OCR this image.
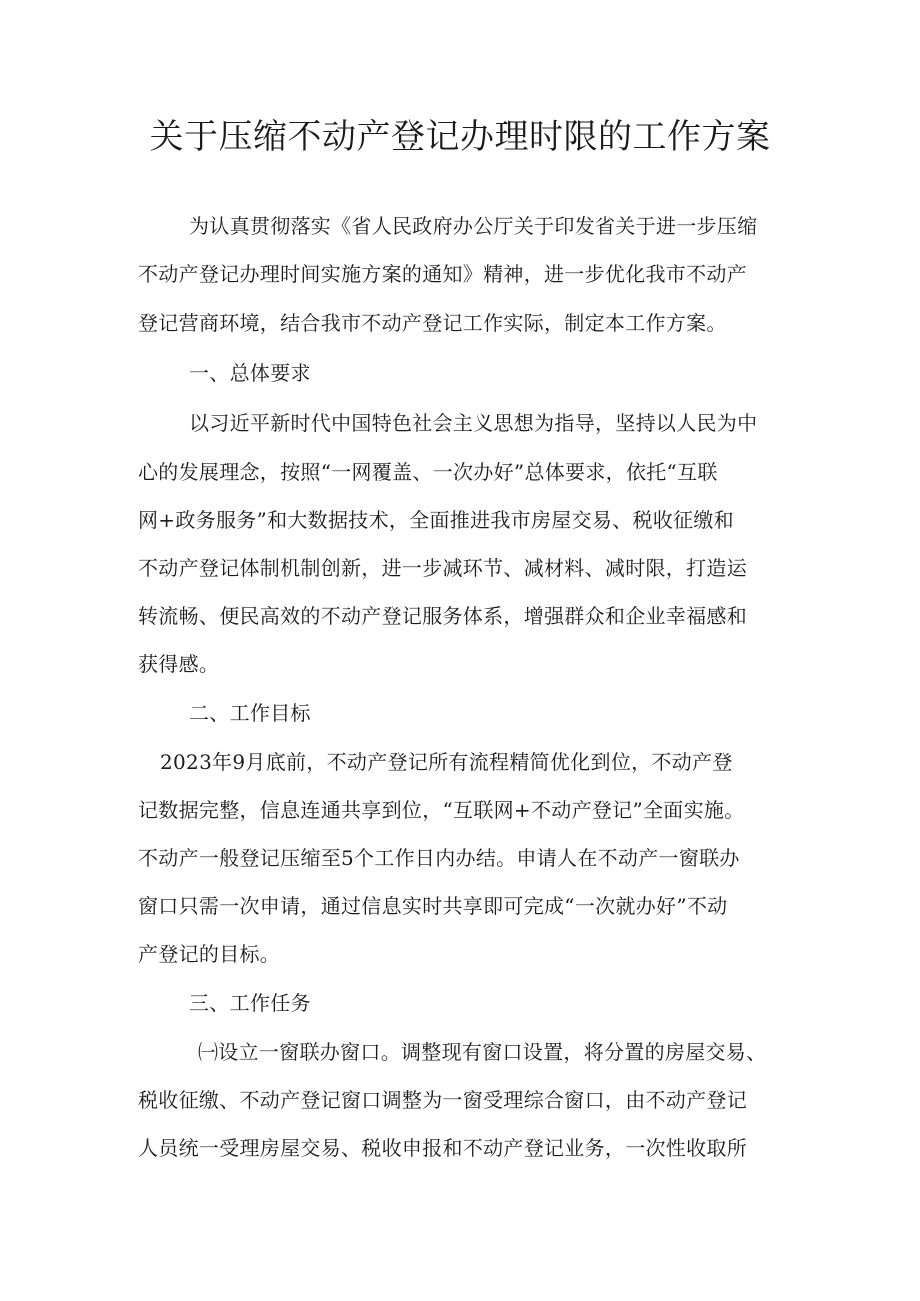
关于压缩不动产登记办理时限的工作方案
为认真贯彻落实《省人民政府办公厅关于印发省关于进一步压缩
不动产登记办理时间实施方案的通知》精神，进一步优化我市不动产
登记营商环境，结合我市不动产登记工作实际，制定本工作方案。
一、总体要求
以习近平新时代中国特色社会主义思想为指导，坚持以人民为中
心的发展理念，按照“一网覆盖、一次办好”总体要求，依托“互联
网+政务服务”和大数据技术，全面推进我市房屋交易、税收征缴和
不动产登记体制机制创新，进一步减环节、减材料、减时限，打造运
转流畅、便民高效的不动产登记服务体系，增强群众和企业幸福感和
获得感。
二、工作目标
2023年9月底前，不动产登记所有流程精简优化到位，不动产登
记数据完整，信息连通共享到位，“互联网+不动产登记”全面实施。
不动产一般登记压缩至5个工作日内办结。申请人在不动产一窗联办
窗口只需一次申请，通过信息实时共享即可完成“一次就办好”不动
产登记的目标。
三、工作任务
㈠设立一窗联办窗口。调整现有窗口设置，将分置的房屋交易、
税收征缴、不动产登记窗口调整为一窗受理综合窗口，由不动产登记
人员统一受理房屋交易、税收申报和不动产登记业务，一次性收取所
